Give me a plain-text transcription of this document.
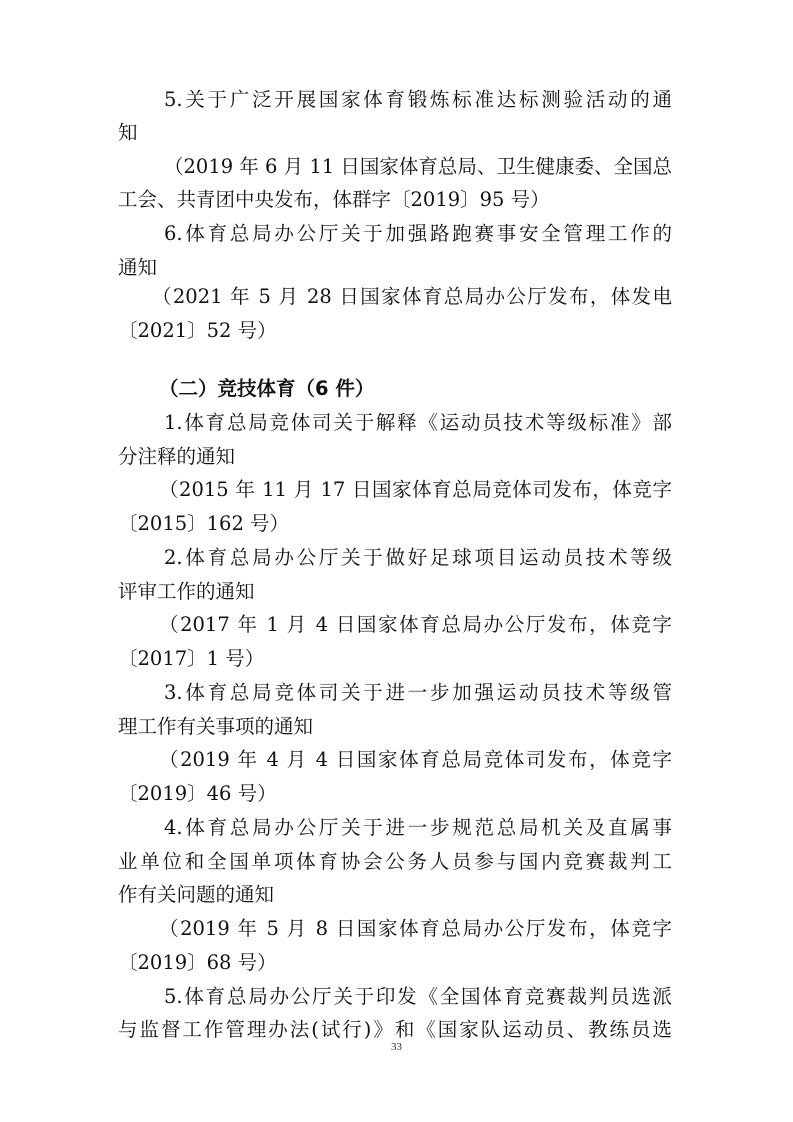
5.关于广泛开展国家体育锻炼标准达标测验活动的通
知
（2019 年 6 月 11 日国家体育总局、卫生健康委、全国总
工会、共青团中央发布，体群字〔2019〕95 号）
6.体育总局办公厅关于加强路跑赛事安全管理工作的
通知
（2021 年 5 月 28 日国家体育总局办公厅发布，体发电
〔2021〕52 号）
（二）竞技体育（6 件）
1.体育总局竞体司关于解释《运动员技术等级标准》部
分注释的通知
（2015 年 11 月 17 日国家体育总局竞体司发布，体竞字
〔2015〕162 号）
2.体育总局办公厅关于做好足球项目运动员技术等级
评审工作的通知
（2017 年 1 月 4 日国家体育总局办公厅发布，体竞字
〔2017〕1 号）
3.体育总局竞体司关于进一步加强运动员技术等级管
理工作有关事项的通知
（2019 年 4 月 4 日国家体育总局竞体司发布，体竞字
〔2019〕46 号）
4.体育总局办公厅关于进一步规范总局机关及直属事
业单位和全国单项体育协会公务人员参与国内竞赛裁判工
作有关问题的通知
（2019 年 5 月 8 日国家体育总局办公厅发布，体竞字
〔2019〕68 号）
5.体育总局办公厅关于印发《全国体育竞赛裁判员选派
与监督工作管理办法(试行)》和《国家队运动员、教练员选
33
